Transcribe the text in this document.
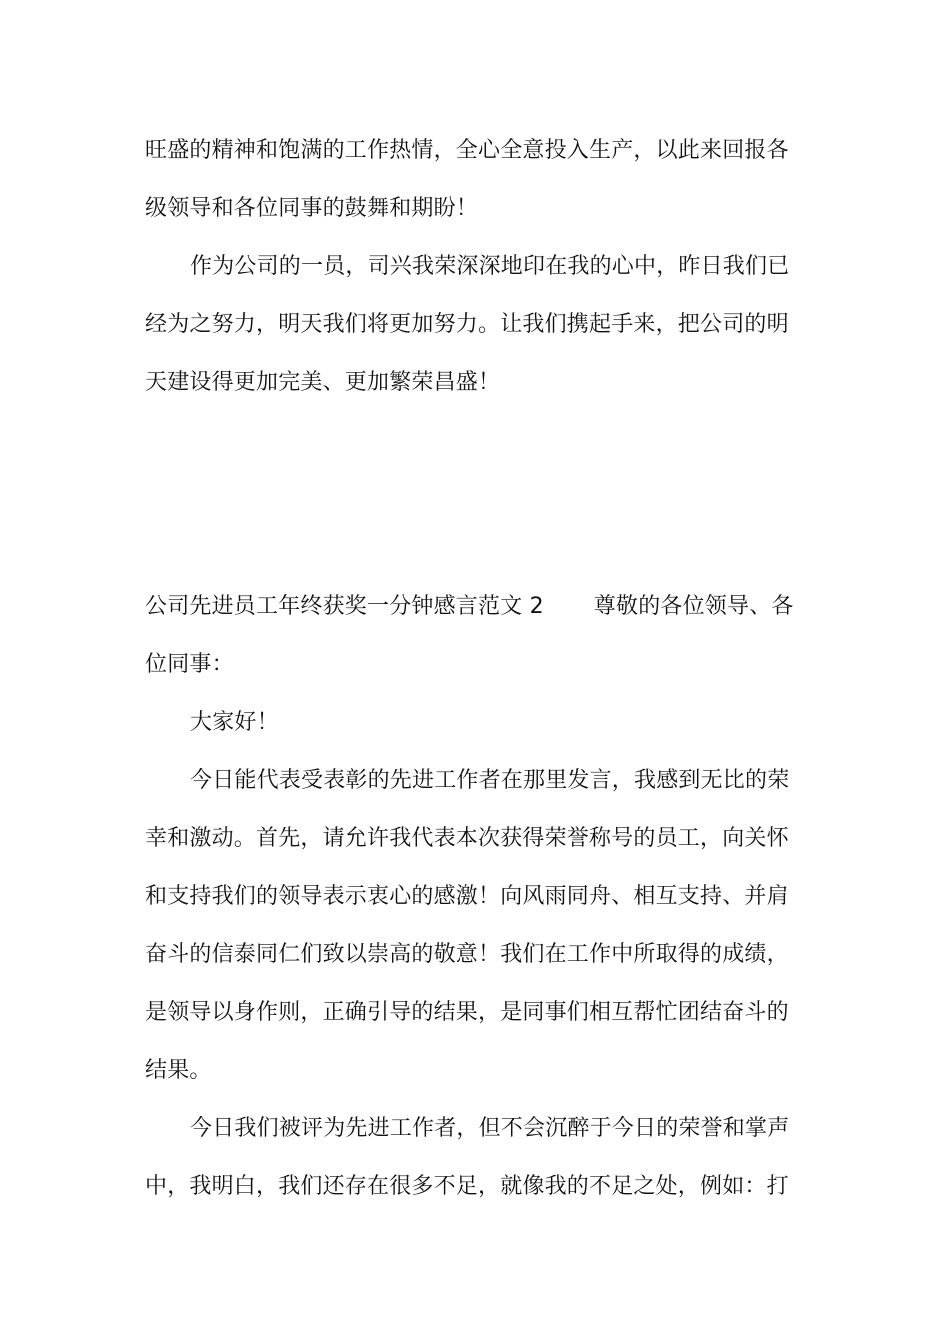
旺盛的精神和饱满的工作热情，全心全意投入生产，以此来回报各
级领导和各位同事的鼓舞和期盼！
作为公司的一员，司兴我荣深深地印在我的心中，昨日我们已
经为之努力，明天我们将更加努力。让我们携起手来，把公司的明
天建设得更加完美、更加繁荣昌盛！
公司先进员工年终获奖一分钟感言范文 2 尊敬的各位领导、各
位同事：
大家好！
今日能代表受表彰的先进工作者在那里发言，我感到无比的荣
幸和激动。首先，请允许我代表本次获得荣誉称号的员工，向关怀
和支持我们的领导表示衷心的感激！向风雨同舟、相互支持、并肩
奋斗的信泰同仁们致以崇高的敬意！我们在工作中所取得的成绩，
是领导以身作则，正确引导的结果，是同事们相互帮忙团结奋斗的
结果。
今日我们被评为先进工作者，但不会沉醉于今日的荣誉和掌声
中，我明白，我们还存在很多不足，就像我的不足之处，例如：打
